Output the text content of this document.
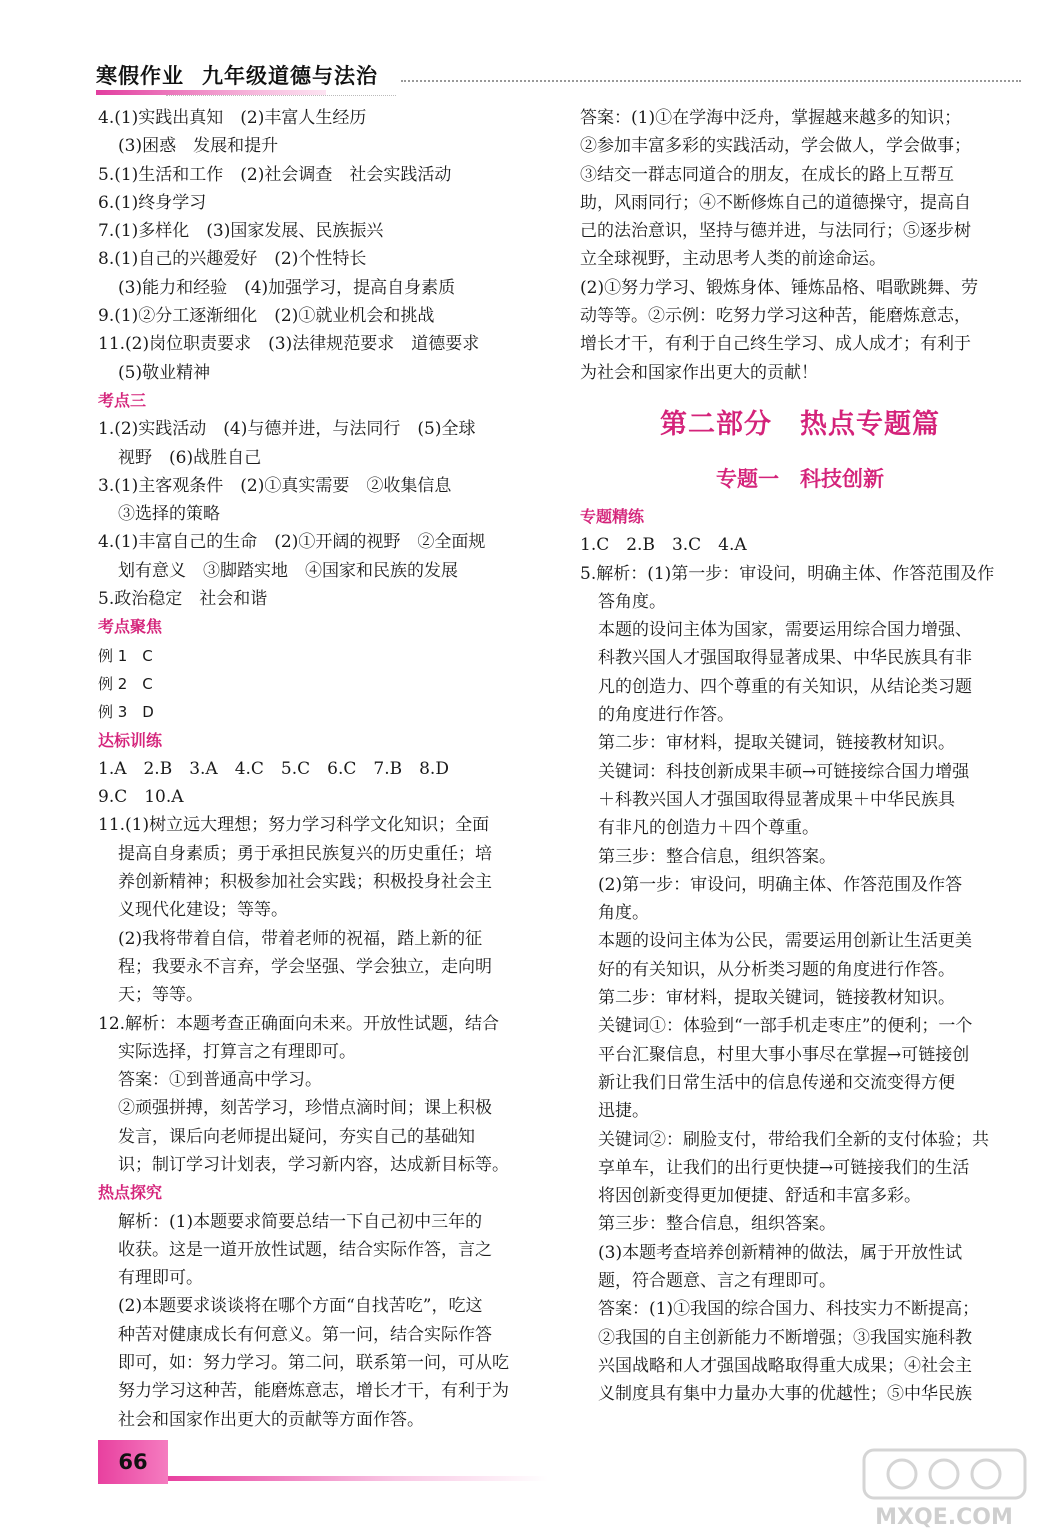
寒假作业 九年级道德与法治
4.(1)实践出真知　(2)丰富人生经历
(3)困惑　发展和提升
5.(1)生活和工作　(2)社会调查　社会实践活动
6.(1)终身学习
7.(1)多样化　(3)国家发展、民族振兴
8.(1)自己的兴趣爱好　(2)个性特长
(3)能力和经验　(4)加强学习，提高自身素质
9.(1)②分工逐渐细化　(2)①就业机会和挑战
11.(2)岗位职责要求　(3)法律规范要求　道德要求
(5)敬业精神
考点三
1.(2)实践活动　(4)与德并进，与法同行　(5)全球
视野　(6)战胜自己
3.(1)主客观条件　(2)①真实需要　②收集信息
③选择的策略
4.(1)丰富自己的生命　(2)①开阔的视野　②全面规
划有意义　③脚踏实地　④国家和民族的发展
5.政治稳定　社会和谐
考点聚焦
例 1　C
例 2　C
例 3　D
达标训练
1.A　2.B　3.A　4.C　5.C　6.C　7.B　8.D
9.C　10.A
11.(1)树立远大理想；努力学习科学文化知识；全面
提高自身素质；勇于承担民族复兴的历史重任；培
养创新精神；积极参加社会实践；积极投身社会主
义现代化建设；等等。
(2)我将带着自信，带着老师的祝福，踏上新的征
程；我要永不言弃，学会坚强、学会独立，走向明
天；等等。
12.解析：本题考查正确面向未来。开放性试题，结合
实际选择，打算言之有理即可。
答案：①到普通高中学习。
②顽强拼搏，刻苦学习，珍惜点滴时间；课上积极
发言，课后向老师提出疑问，夯实自己的基础知
识；制订学习计划表，学习新内容，达成新目标等。
热点探究
解析：(1)本题要求简要总结一下自己初中三年的
收获。这是一道开放性试题，结合实际作答，言之
有理即可。
(2)本题要求谈谈将在哪个方面“自找苦吃”，吃这
种苦对健康成长有何意义。第一问，结合实际作答
即可，如：努力学习。第二问，联系第一问，可从吃
努力学习这种苦，能磨炼意志，增长才干，有利于为
社会和国家作出更大的贡献等方面作答。
答案：(1)①在学海中泛舟，掌握越来越多的知识；
②参加丰富多彩的实践活动，学会做人，学会做事；
③结交一群志同道合的朋友，在成长的路上互帮互
助，风雨同行；④不断修炼自己的道德操守，提高自
己的法治意识，坚持与德并进，与法同行；⑤逐步树
立全球视野，主动思考人类的前途命运。
(2)①努力学习、锻炼身体、锤炼品格、唱歌跳舞、劳
动等等。②示例：吃努力学习这种苦，能磨炼意志，
增长才干，有利于自己终生学习、成人成才；有利于
为社会和国家作出更大的贡献！
第二部分　热点专题篇
专题一　科技创新
专题精练
1.C　2.B　3.C　4.A
5.解析：(1)第一步：审设问，明确主体、作答范围及作
答角度。
本题的设问主体为国家，需要运用综合国力增强、
科教兴国人才强国取得显著成果、中华民族具有非
凡的创造力、四个尊重的有关知识，从结论类习题
的角度进行作答。
第二步：审材料，提取关键词，链接教材知识。
关键词：科技创新成果丰硕→可链接综合国力增强
＋科教兴国人才强国取得显著成果＋中华民族具
有非凡的创造力＋四个尊重。
第三步：整合信息，组织答案。
(2)第一步：审设问，明确主体、作答范围及作答
角度。
本题的设问主体为公民，需要运用创新让生活更美
好的有关知识，从分析类习题的角度进行作答。
第二步：审材料，提取关键词，链接教材知识。
关键词①：体验到“一部手机走枣庄”的便利；一个
平台汇聚信息，村里大事小事尽在掌握→可链接创
新让我们日常生活中的信息传递和交流变得方便
迅捷。
关键词②：刷脸支付，带给我们全新的支付体验；共
享单车，让我们的出行更快捷→可链接我们的生活
将因创新变得更加便捷、舒适和丰富多彩。
第三步：整合信息，组织答案。
(3)本题考查培养创新精神的做法，属于开放性试
题，符合题意、言之有理即可。
答案：(1)①我国的综合国力、科技实力不断提高；
②我国的自主创新能力不断增强；③我国实施科教
兴国战略和人才强国战略取得重大成果；④社会主
义制度具有集中力量办大事的优越性；⑤中华民族
66
MXQE.COM
